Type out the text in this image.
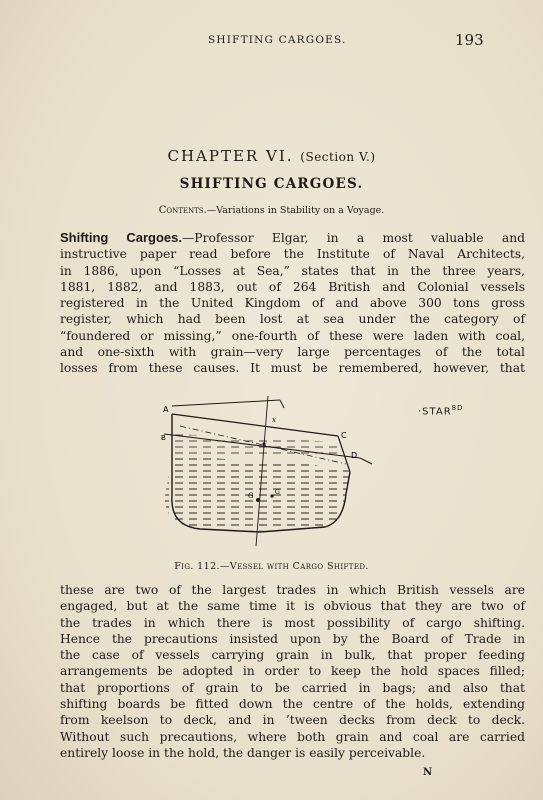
SHIFTING CARGOES.	193
CHAPTER VI. (Section V.)
SHIFTING CARGOES.
Contents.—Variations in Stability on a Voyage.
Shifting Cargoes.—Professor Elgar, in a most valuable and
instructive paper read before the Institute of Naval Architects,
in 1886, upon “Losses at Sea,” states that in the three years,
1881, 1882, and 1883, out of 264 British and Colonial vessels
registered in the United Kingdom of and above 300 tons gross
register, which had been lost at sea under the category of
“foundered or missing,” one-fourth of these were laden with coal,
and one-sixth with grain—very large percentages of the total
losses from these causes. It must be remembered, however, that
A
B	C
D
G	G
x
$\cdot STAR^{8D}$
Fig. 112.—Vessel with Cargo Shifted.
these are two of the largest trades in which British vessels are
engaged, but at the same time it is obvious that they are two of
the trades in which there is most possibility of cargo shifting.
Hence the precautions insisted upon by the Board of Trade in
the case of vessels carrying grain in bulk, that proper feeding
arrangements be adopted in order to keep the hold spaces filled;
that proportions of grain to be carried in bags; and also that
shifting boards be fitted down the centre of the holds, extending
from keelson to deck, and in ’tween decks from deck to deck.
Without such precautions, where both grain and coal are carried
entirely loose in the hold, the danger is easily perceivable.
N
